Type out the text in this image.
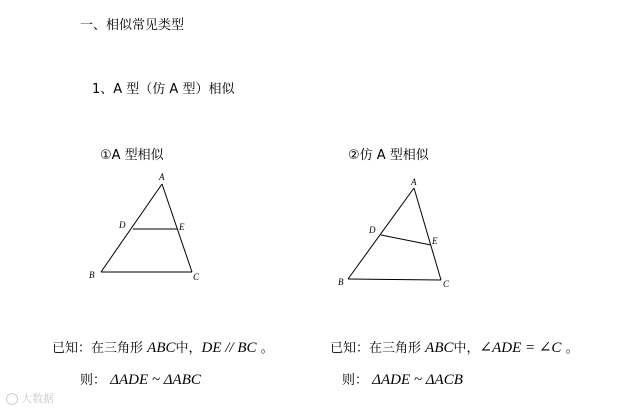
一、相似常见类型
1、A 型（仿 A 型）相似
①A 型相似
A
D	E
B	C
②仿 A 型相似
A
D
E
B	C
已知：在三角形 ABC中，DE // BC 。	已知：在三角形 ABC中，∠ADE = ∠C 。
则： ΔADE ~ ΔABC	则： ΔADE ~ ΔACB
大数据
